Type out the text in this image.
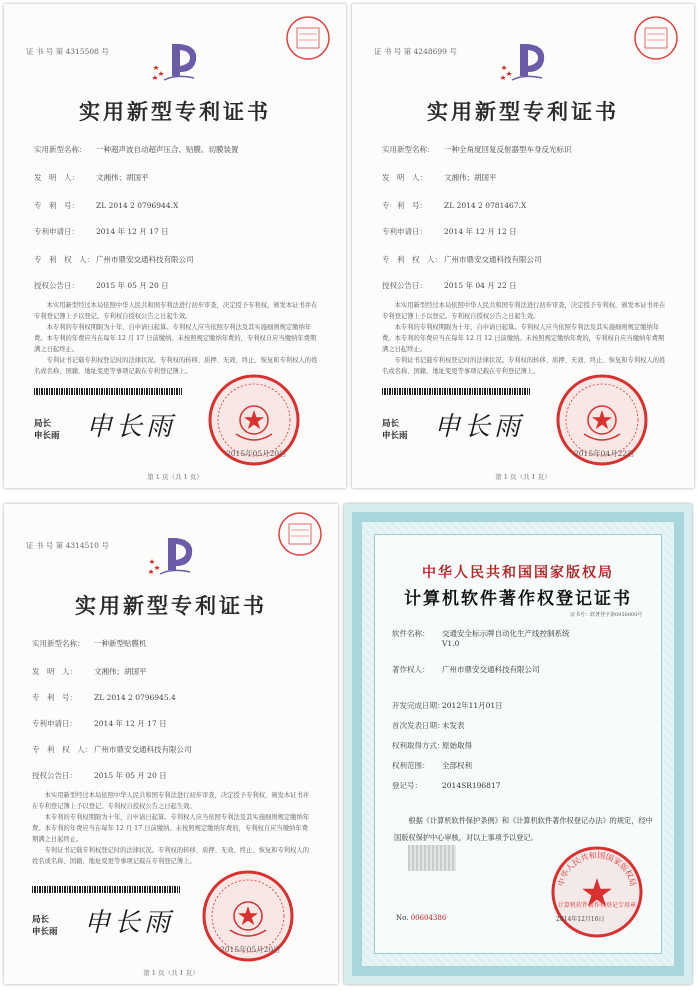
证 书 号 第 4315508 号
实用新型专利证书
实用新型名称： 一种超声波自动超声压合、贴膜、切膜装置
发　明　人： 文湘伟；胡国平
专　利　号： ZL 2014 2 0796944.X
专利申请日： 2014 年 12 月 17 日
专　利　权　人： 广州市鼎安交通科技有限公司
授权公告日： 2015 年 05 月 20 日

本实用新型经过本局依照中华人民共和国专利法进行初步审查，决定授予专利权，颁发本证书并在专利登记簿上予以登记。专利权自授权公告之日起生效。

本专利的专利权期限为十年，自申请日起算。专利权人应当依照专利法及其实施细则规定缴纳年费。本专利的年费应当在每年 12 月 17 日前缴纳。未按照规定缴纳年费的，专利权自应当缴纳年费期满之日起终止。

专利证书记载专利权登记时的法律状况。专利权的转移、质押、无效、终止、恢复和专利权人的姓名或名称、国籍、地址变更等事项记载在专利登记簿上。

局长
申长雨 申长雨
2015年05月20日
第 1 页（共 1 页）
证 书 号 第 4248699 号
实用新型专利证书
实用新型名称： 一种全角度回复反射器型车身反光标识
发　明　人： 文湘伟；胡国平
专　利　号： ZL 2014 2 0781467.X
专利申请日： 2014 年 12 月 12 日
专　利　权　人： 广州市鼎安交通科技有限公司
授权公告日： 2015 年 04 月 22 日

本实用新型经过本局依照中华人民共和国专利法进行初步审查，决定授予专利权，颁发本证书并在专利登记簿上予以登记。专利权自授权公告之日起生效。

本专利的专利权期限为十年，自申请日起算。专利权人应当依照专利法及其实施细则规定缴纳年费。本专利的年费应当在每年 12 月 12 日前缴纳。未按照规定缴纳年费的，专利权自应当缴纳年费期满之日起终止。

专利证书记载专利权登记时的法律状况。专利权的转移、质押、无效、终止、恢复和专利权人的姓名或名称、国籍、地址变更等事项记载在专利登记簿上。

局长
申长雨 申长雨
2015年04月22日
第 1 页（共 1 页）
证 书 号 第 4314510 号
实用新型专利证书
实用新型名称： 一种新型贴膜机
发　明　人： 文湘伟；胡国平
专　利　号： ZL 2014 2 0796945.4
专利申请日： 2014 年 12 月 17 日
专　利　权　人： 广州市鼎安交通科技有限公司
授权公告日： 2015 年 05 月 20 日

本实用新型经过本局依照中华人民共和国专利法进行初步审查，决定授予专利权，颁发本证书并在专利登记簿上予以登记。专利权自授权公告之日起生效。

本专利的专利权期限为十年，自申请日起算。专利权人应当依照专利法及其实施细则规定缴纳年费。本专利的年费应当在每年 12 月 17 日前缴纳。未按照规定缴纳年费的，专利权自应当缴纳年费期满之日起终止。

专利证书记载专利权登记时的法律状况。专利权的转移、质押、无效、终止、恢复和专利权人的姓名或名称、国籍、地址变更等事项记载在专利登记簿上。

局长
申长雨 申长雨
2015年05月20日
第 1 页（共 1 页）
中华人民共和国国家版权局
计算机软件著作权登记证书
证书号：软著登字第0950000号
软件名称： 交通安全标示牌自动化生产线控制系统
V1.0
著作权人： 广州市鼎安交通科技有限公司
开发完成日期：2012年11月01日
首次发表日期：未发表
权利取得方式：原始取得
权利范围： 全部权利
登记号：	2014SR196817

根据《计算机软件保护条例》和《计算机软件著作权登记办法》的规定，经中国版权保护中心审核，对以上事项予以登记。

中华人民共和国国家版权局
计算机软件著作权登记专用章
No. 00604386	2014年12月16日
